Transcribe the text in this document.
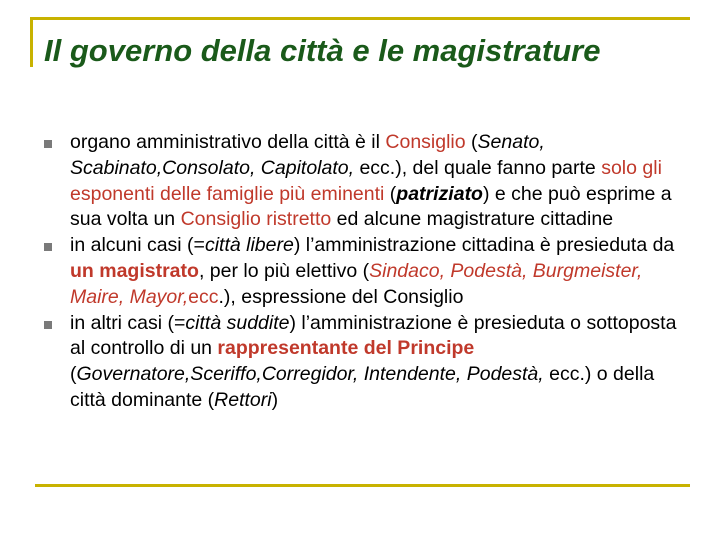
Il governo della città e le magistrature
organo amministrativo della città è il Consiglio (Senato, Scabinato,Consolato, Capitolato, ecc.), del quale fanno parte solo gli esponenti delle famiglie più eminenti (patriziato) e che può esprime a sua volta un Consiglio ristretto ed alcune magistrature cittadine
in alcuni casi (=città libere) l’amministrazione cittadina è presieduta da un magistrato, per lo più elettivo (Sindaco, Podestà, Burgmeister, Maire, Mayor,ecc.), espressione del Consiglio
in altri casi (=città suddite) l’amministrazione è presieduta o sottoposta al controllo di un rappresentante del Principe (Governatore,Sceriffo,Corregidor, Intendente, Podestà, ecc.) o della città dominante (Rettori)
